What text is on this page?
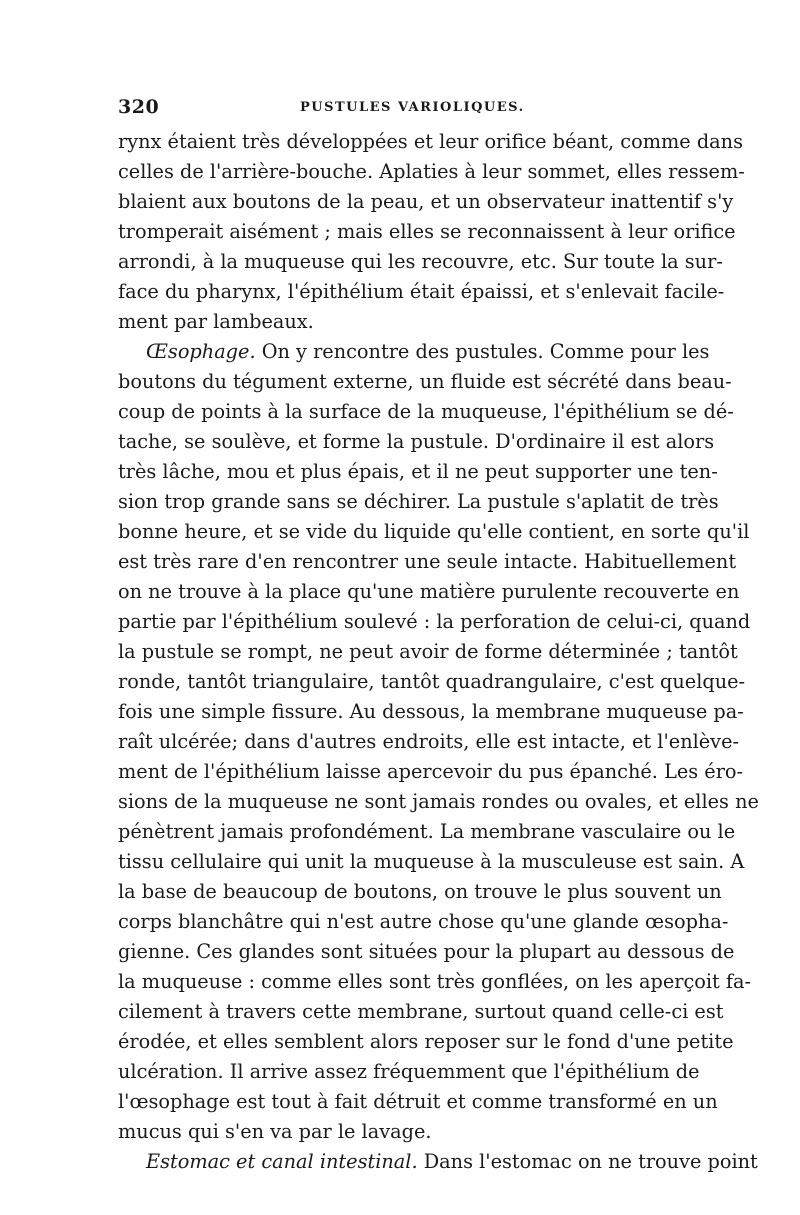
320	PUSTULES VARIOLIQUES.
rynx étaient très développées et leur orifice béant, comme dans
celles de l'arrière-bouche. Aplaties à leur sommet, elles ressem-
blaient aux boutons de la peau, et un observateur inattentif s'y
tromperait aisément ; mais elles se reconnaissent à leur orifice
arrondi, à la muqueuse qui les recouvre, etc. Sur toute la sur-
face du pharynx, l'épithélium était épaissi, et s'enlevait facile-
ment par lambeaux.
Œsophage. On y rencontre des pustules. Comme pour les
boutons du tégument externe, un fluide est sécrété dans beau-
coup de points à la surface de la muqueuse, l'épithélium se dé-
tache, se soulève, et forme la pustule. D'ordinaire il est alors
très lâche, mou et plus épais, et il ne peut supporter une ten-
sion trop grande sans se déchirer. La pustule s'aplatit de très
bonne heure, et se vide du liquide qu'elle contient, en sorte qu'il
est très rare d'en rencontrer une seule intacte. Habituellement
on ne trouve à la place qu'une matière purulente recouverte en
partie par l'épithélium soulevé : la perforation de celui-ci, quand
la pustule se rompt, ne peut avoir de forme déterminée ; tantôt
ronde, tantôt triangulaire, tantôt quadrangulaire, c'est quelque-
fois une simple fissure. Au dessous, la membrane muqueuse pa-
raît ulcérée; dans d'autres endroits, elle est intacte, et l'enlève-
ment de l'épithélium laisse apercevoir du pus épanché. Les éro-
sions de la muqueuse ne sont jamais rondes ou ovales, et elles ne
pénètrent jamais profondément. La membrane vasculaire ou le
tissu cellulaire qui unit la muqueuse à la musculeuse est sain. A
la base de beaucoup de boutons, on trouve le plus souvent un
corps blanchâtre qui n'est autre chose qu'une glande œsopha-
gienne. Ces glandes sont situées pour la plupart au dessous de
la muqueuse : comme elles sont très gonflées, on les aperçoit fa-
cilement à travers cette membrane, surtout quand celle-ci est
érodée, et elles semblent alors reposer sur le fond d'une petite
ulcération. Il arrive assez fréquemment que l'épithélium de
l'œsophage est tout à fait détruit et comme transformé en un
mucus qui s'en va par le lavage.
Estomac et canal intestinal. Dans l'estomac on ne trouve point
